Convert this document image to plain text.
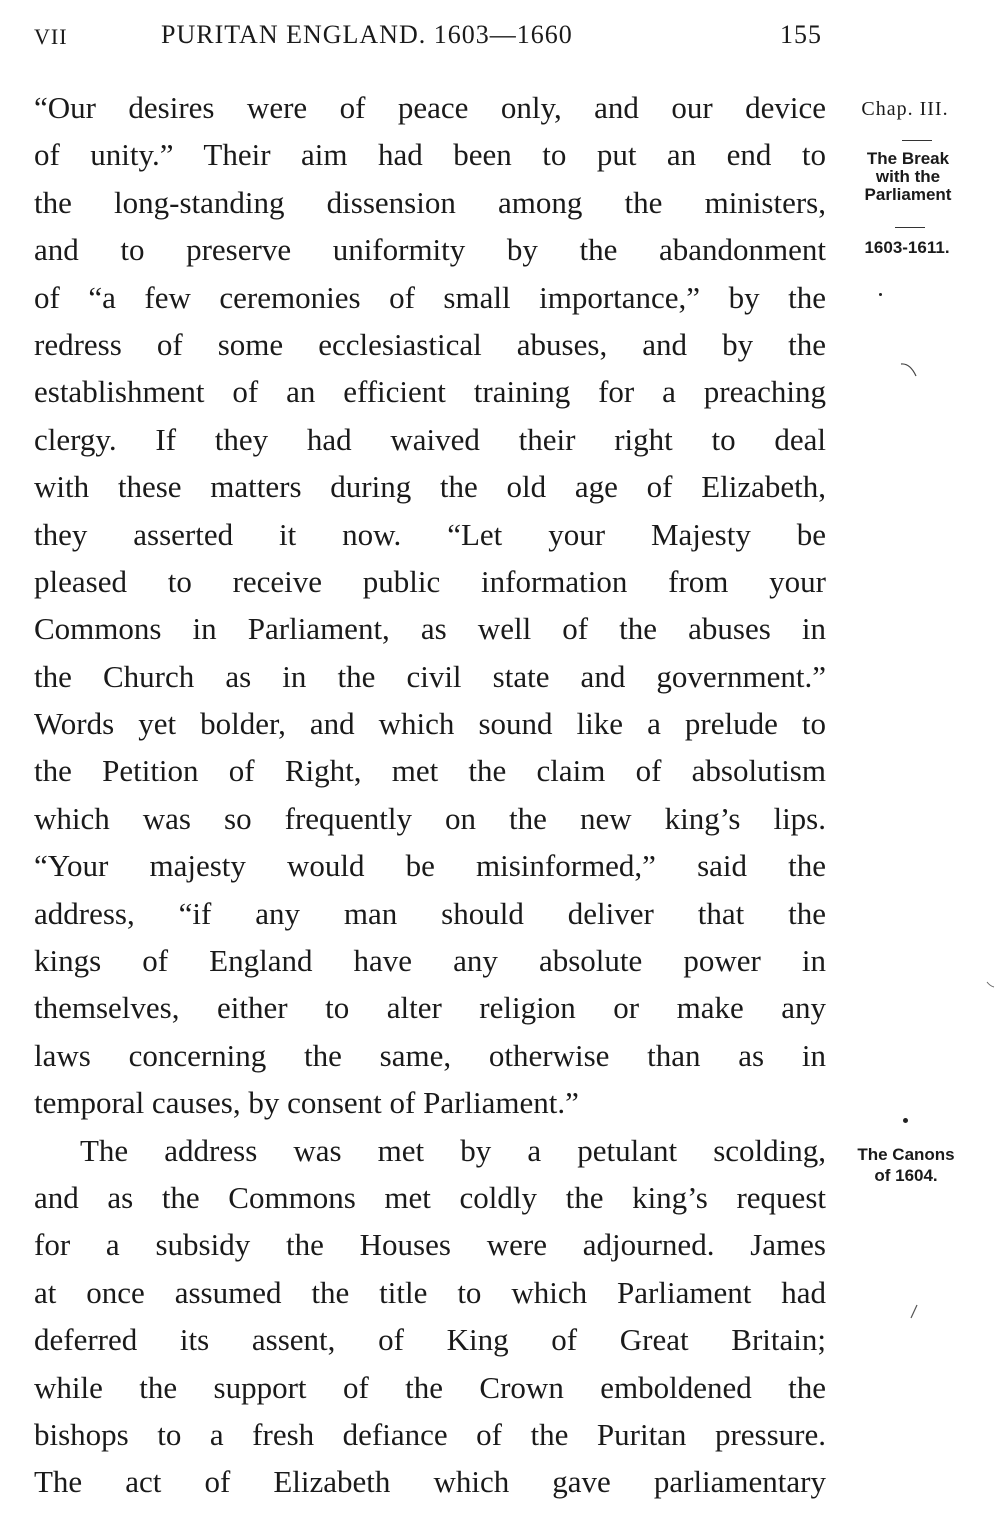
VII	PURITAN ENGLAND. 1603—1660	155
“Our desires were of peace only, and our device
of unity.” Their aim had been to put an end to
the long-standing dissension among the ministers,
and to preserve uniformity by the abandonment
of “a few ceremonies of small importance,” by the
redress of some ecclesiastical abuses, and by the
establishment of an efficient training for a preaching
clergy. If they had waived their right to deal
with these matters during the old age of Elizabeth,
they asserted it now. “Let your Majesty be
pleased to receive public information from your
Commons in Parliament, as well of the abuses in
the Church as in the civil state and government.”
Words yet bolder, and which sound like a prelude to
the Petition of Right, met the claim of absolutism
which was so frequently on the new king’s lips.
“Your majesty would be misinformed,” said the
address, “if any man should deliver that the
kings of England have any absolute power in
themselves, either to alter religion or make any
laws concerning the same, otherwise than as in
temporal causes, by consent of Parliament.”
The address was met by a petulant scolding,
and as the Commons met coldly the king’s request
for a subsidy the Houses were adjourned. James
at once assumed the title to which Parliament had
deferred its assent, of King of Great Britain;
while the support of the Crown emboldened the
bishops to a fresh defiance of the Puritan pressure.
The act of Elizabeth which gave parliamentary
Chap. III.
The Break
with the
Parliament
1603-1611.
The Canons
of 1604.
